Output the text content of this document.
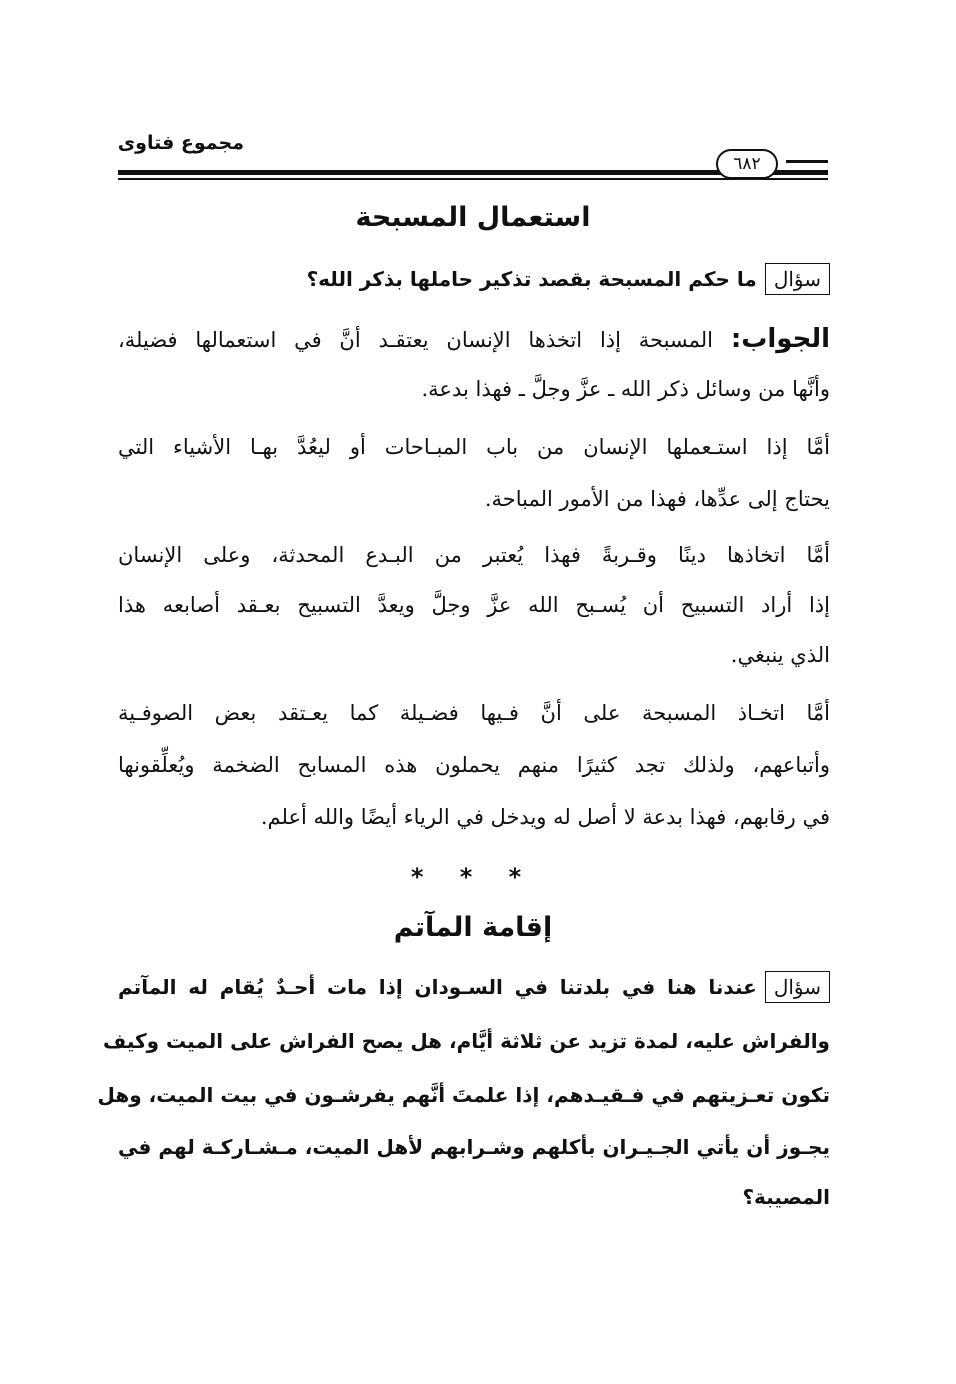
مجموع فتاوى
٦٨٢
استعمال المسبحة
سؤالما حكم المسبحة بقصد تذكير حاملها بذكر الله؟
الجواب: المسبحة إذا اتخذها الإنسان يعتقـد أنَّ في استعمالها فضيلة،
وأنَّها من وسائل ذكر الله ـ عزَّ وجلَّ ـ فهذا بدعة.
أمَّا إذا استـعملها الإنسان من باب المبـاحات أو ليعُدَّ بهـا الأشياء التي
يحتاج إلى عدِّها، فهذا من الأمور المباحة.
أمَّا اتخاذها دينًا وقـربةً فهذا يُعتبر من البـدع المحدثة، وعلى الإنسان
إذا أراد التسبيح أن يُسـبح الله عزَّ وجلَّ ويعدَّ التسبيح بعـقد أصابعه هذا
الذي ينبغي.
أمَّا اتخـاذ المسبحة على أنَّ فـيها فضـيلة كما يعـتقد بعض الصوفـية
وأتباعهم، ولذلك تجد كثيرًا منهم يحملون هذه المسابح الضخمة ويُعلِّقونها
في رقابهم، فهذا بدعة لا أصل له ويدخل في الرياء أيضًا والله أعلم.
* * *
إقامة المآتم
سؤالعندنا هنا في بلدتنا في السـودان إذا مات أحـدٌ يُقام له المآتم
والفراش عليه، لمدة تزيد عن ثلاثة أيَّام، هل يصح الفراش على الميت وكيف
تكون تعـزيتهم في فـقيـدهم، إذا علمتَ أنَّهم يفرشـون في بيت الميت، وهل
يجـوز أن يأتي الجـيـران بأكلهم وشـرابهم لأهل الميت، مـشـاركـة لهم في
المصيبة؟
